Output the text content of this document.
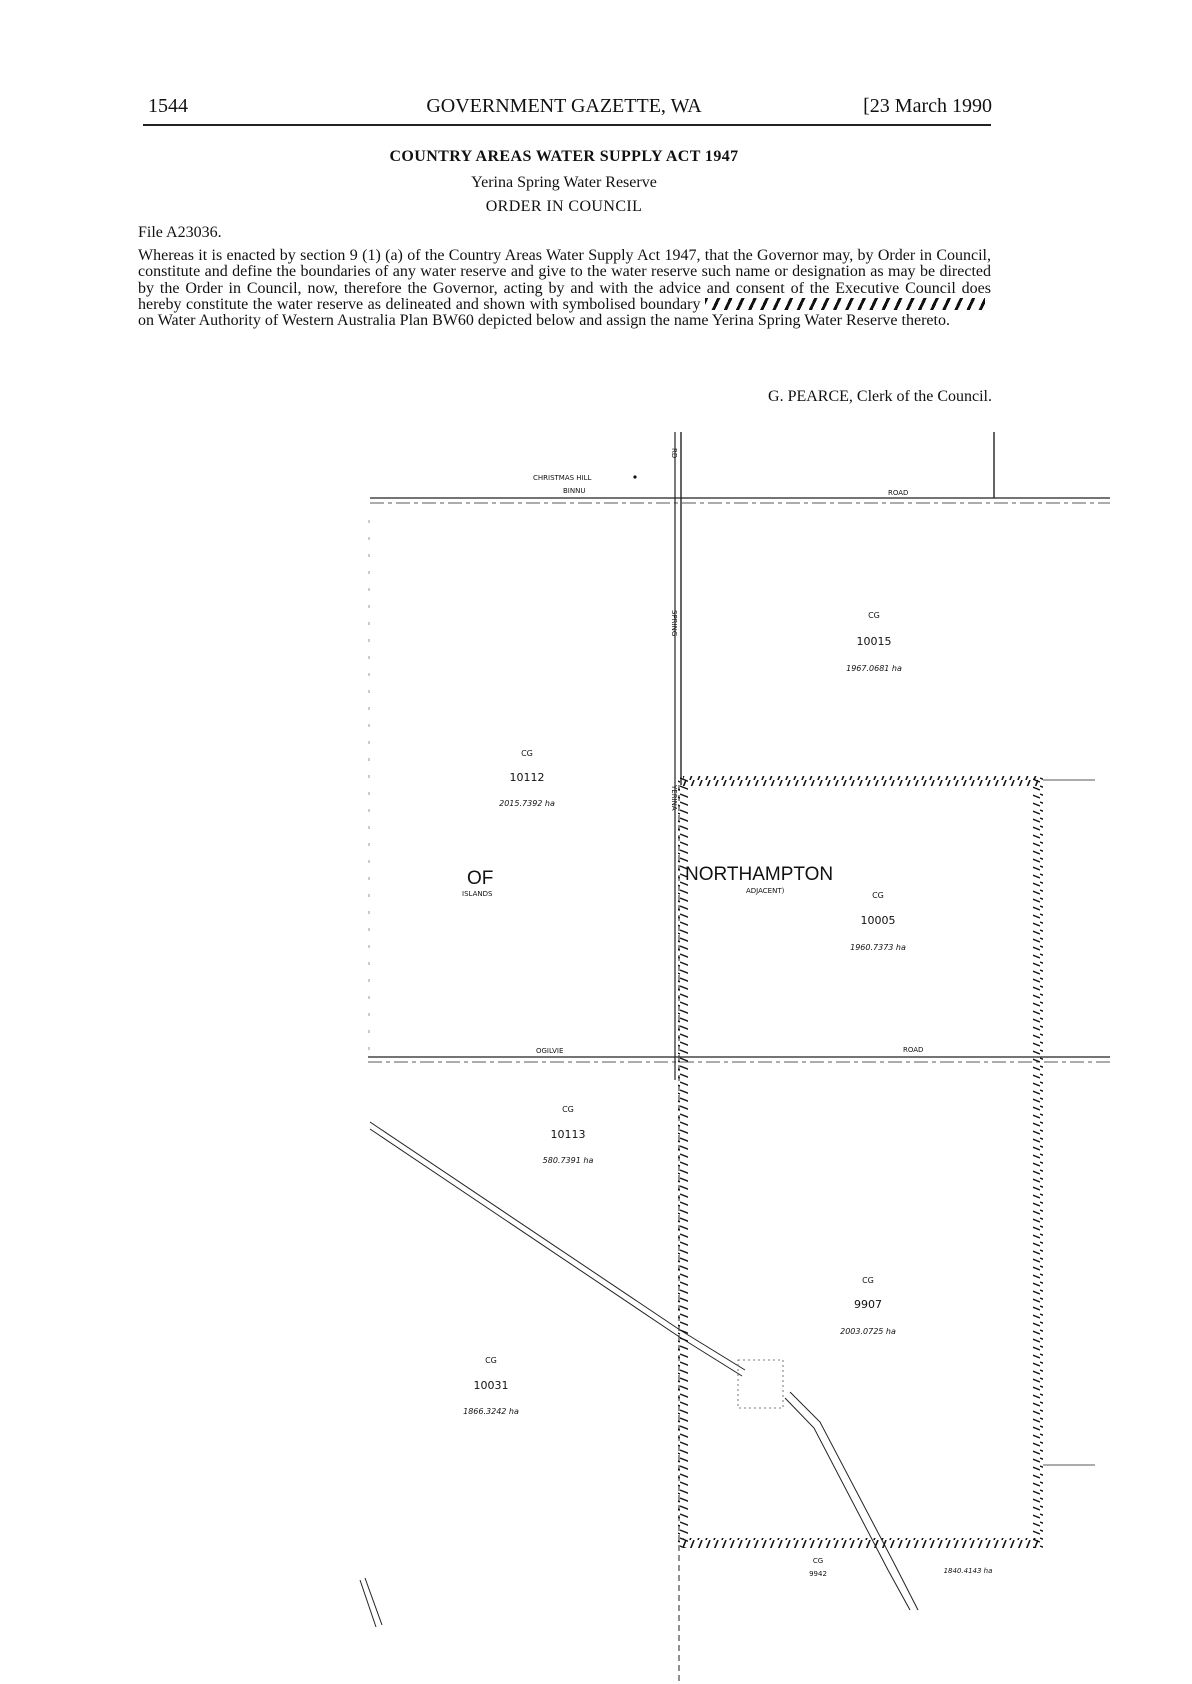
1544	GOVERNMENT GAZETTE, WA	[23 March 1990
COUNTRY AREAS WATER SUPPLY ACT 1947
Yerina Spring Water Reserve
ORDER IN COUNCIL
File A23036.
Whereas it is enacted by section 9 (1) (a) of the Country Areas Water Supply Act 1947, that the Governor may, by Order in Council, constitute and define the boundaries of any water reserve and give to the water reserve such name or designation as may be directed by the Order in Council, now, therefore the Governor, acting by and with the advice and consent of the Executive Council does hereby constitute the water reserve as delineated and shown with symbolised boundary on Water Authority of Western Australia Plan BW60 depicted below and assign the name Yerina Spring Water Reserve thereto.
G. PEARCE, Clerk of the Council.
CHRISTMAS HILL
BINNU	ROAD
OGILVIE	ROAD
RD
SPRING
YERINA
OF
ISLANDS
NORTHAMPTON
ADJACENT)
CG
10015
1967.0681 ha
CG
10112
2015.7392 ha
CG
10005
1960.7373 ha
CG
10113
580.7391 ha
CG
9907
2003.0725 ha
CG
10031
1866.3242 ha
CG
9942	1840.4143 ha
